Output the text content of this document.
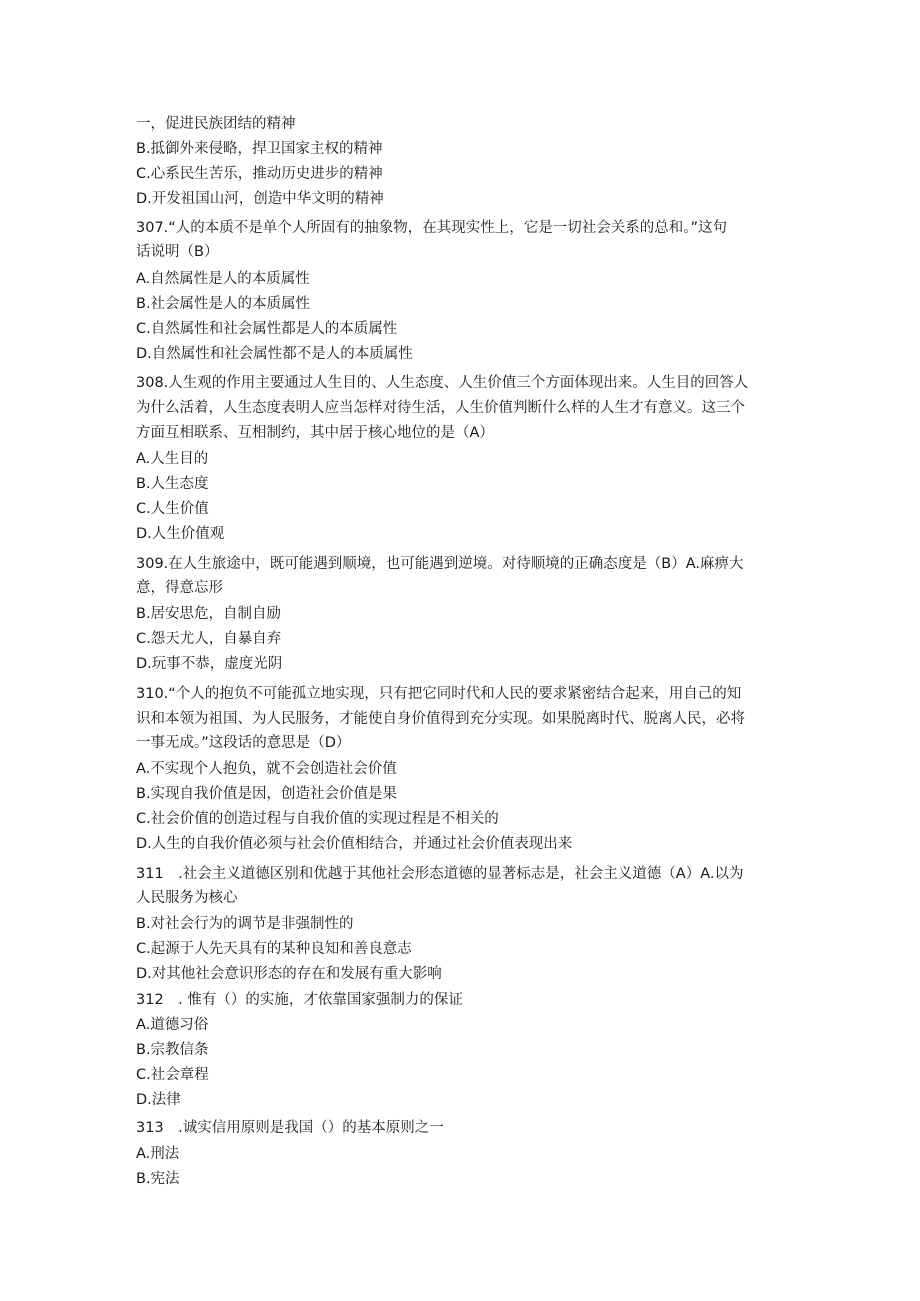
一，促进民族团结的精神
B.抵御外来侵略，捍卫国家主权的精神
C.心系民生苦乐，推动历史进步的精神
D.开发祖国山河，创造中华文明的精神
307.“人的本质不是单个人所固有的抽象物，在其现实性上，它是一切社会关系的总和。”这句
话说明（B）
A.自然属性是人的本质属性
B.社会属性是人的本质属性
C.自然属性和社会属性都是人的本质属性
D.自然属性和社会属性都不是人的本质属性
308.人生观的作用主要通过人生目的、人生态度、人生价值三个方面体现出来。人生目的回答人
为什么活着，人生态度表明人应当怎样对待生活，人生价值判断什么样的人生才有意义。这三个
方面互相联系、互相制约，其中居于核心地位的是（A）
A.人生目的
B.人生态度
C.人生价值
D.人生价值观
309.在人生旅途中，既可能遇到顺境，也可能遇到逆境。对待顺境的正确态度是（B）A.麻痹大
意，得意忘形
B.居安思危，自制自励
C.怨天尤人，自暴自弃
D.玩事不恭，虚度光阴
310.“个人的抱负不可能孤立地实现，只有把它同时代和人民的要求紧密结合起来，用自己的知
识和本领为祖国、为人民服务，才能使自身价值得到充分实现。如果脱离时代、脱离人民，必将
一事无成。”这段话的意思是（D）
A.不实现个人抱负，就不会创造社会价值
B.实现自我价值是因，创造社会价值是果
C.社会价值的创造过程与自我价值的实现过程是不相关的
D.人生的自我价值必须与社会价值相结合，并通过社会价值表现出来
311　.社会主义道德区别和优越于其他社会形态道德的显著标志是，社会主义道德（A）A.以为
人民服务为核心
B.对社会行为的调节是非强制性的
C.起源于人先天具有的某种良知和善良意志
D.对其他社会意识形态的存在和发展有重大影响
312　. 惟有（）的实施，才依靠国家强制力的保证
A.道德习俗
B.宗教信条
C.社会章程
D.法律
313　.诚实信用原则是我国（）的基本原则之一
A.刑法
B.宪法
